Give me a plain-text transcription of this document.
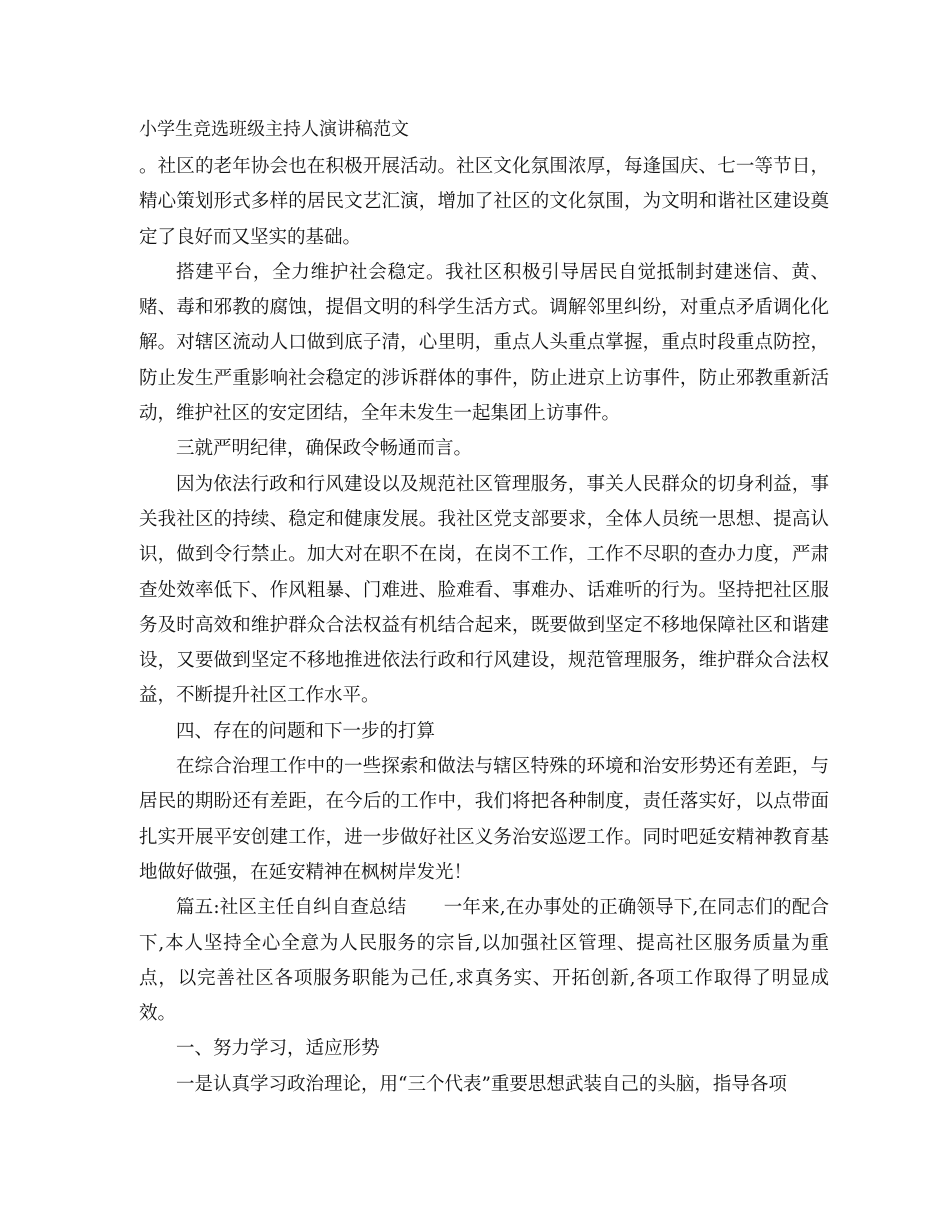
小学生竞选班级主持人演讲稿范文

。社区的老年协会也在积极开展活动。社区文化氛围浓厚，每逢国庆、七一等节日，精心策划形式多样的居民文艺汇演，增加了社区的文化氛围，为文明和谐社区建设奠定了良好而又坚实的基础。

搭建平台，全力维护社会稳定。我社区积极引导居民自觉抵制封建迷信、黄、赌、毒和邪教的腐蚀，提倡文明的科学生活方式。调解邻里纠纷，对重点矛盾调化化解。对辖区流动人口做到底子清，心里明，重点人头重点掌握，重点时段重点防控，防止发生严重影响社会稳定的涉诉群体的事件，防止进京上访事件，防止邪教重新活动，维护社区的安定团结，全年未发生一起集团上访事件。

三就严明纪律，确保政令畅通而言。

因为依法行政和行风建设以及规范社区管理服务，事关人民群众的切身利益，事关我社区的持续、稳定和健康发展。我社区党支部要求，全体人员统一思想、提高认识，做到令行禁止。加大对在职不在岗，在岗不工作，工作不尽职的查办力度，严肃查处效率低下、作风粗暴、门难进、脸难看、事难办、话难听的行为。坚持把社区服务及时高效和维护群众合法权益有机结合起来，既要做到坚定不移地保障社区和谐建设，又要做到坚定不移地推进依法行政和行风建设，规范管理服务，维护群众合法权益，不断提升社区工作水平。

四、存在的问题和下一步的打算

在综合治理工作中的一些探索和做法与辖区特殊的环境和治安形势还有差距，与居民的期盼还有差距，在今后的工作中，我们将把各种制度，责任落实好，以点带面扎实开展平安创建工作，进一步做好社区义务治安巡逻工作。同时吧延安精神教育基地做好做强，在延安精神在枫树岸发光！

篇五:社区主任自纠自查总结　　一年来,在办事处的正确领导下,在同志们的配合下,本人坚持全心全意为人民服务的宗旨,以加强社区管理、提高社区服务质量为重点，以完善社区各项服务职能为己任,求真务实、开拓创新,各项工作取得了明显成效。

一、努力学习，适应形势

一是认真学习政治理论，用“三个代表”重要思想武装自己的头脑，指导各项
